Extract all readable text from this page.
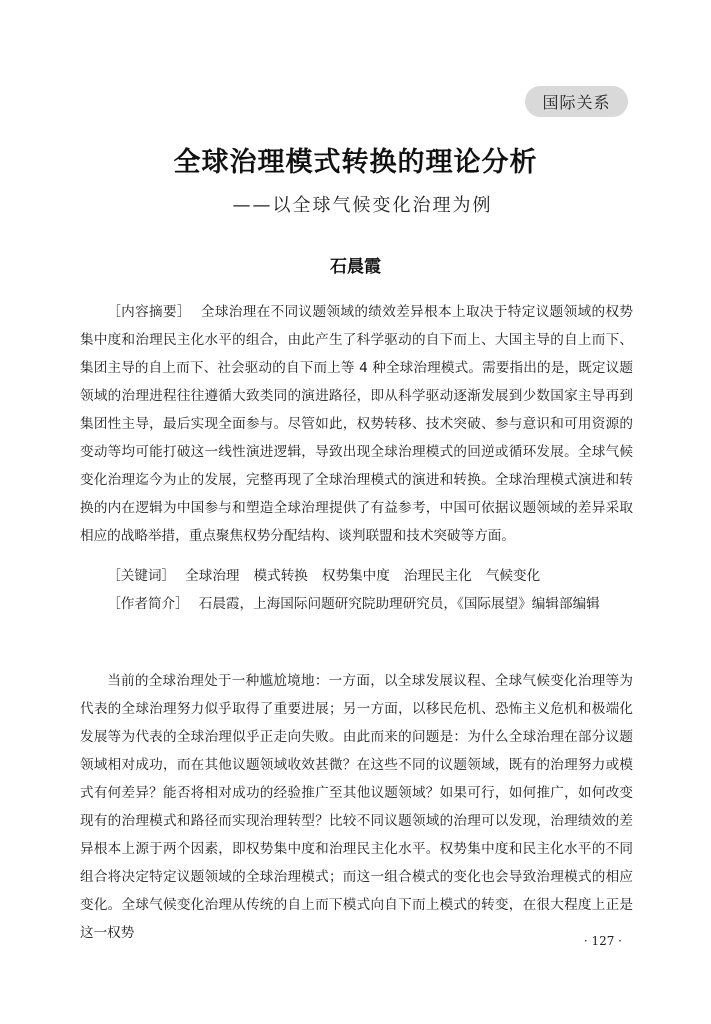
国际关系
全球治理模式转换的理论分析
——以全球气候变化治理为例
石晨霞

［内容摘要］ 全球治理在不同议题领域的绩效差异根本上取决于特定议题领域的权势集中度和治理民主化水平的组合，由此产生了科学驱动的自下而上、大国主导的自上而下、集团主导的自上而下、社会驱动的自下而上等 4 种全球治理模式。需要指出的是，既定议题领域的治理进程往往遵循大致类同的演进路径，即从科学驱动逐渐发展到少数国家主导再到集团性主导，最后实现全面参与。尽管如此，权势转移、技术突破、参与意识和可用资源的变动等均可能打破这一线性演进逻辑，导致出现全球治理模式的回逆或循环发展。全球气候变化治理迄今为止的发展，完整再现了全球治理模式的演进和转换。全球治理模式演进和转换的内在逻辑为中国参与和塑造全球治理提供了有益参考，中国可依据议题领域的差异采取相应的战略举措，重点聚焦权势分配结构、谈判联盟和技术突破等方面。

［关键词］ 全球治理 模式转换 权势集中度 治理民主化 气候变化

［作者简介］ 石晨霞，上海国际问题研究院助理研究员，《国际展望》编辑部编辑

当前的全球治理处于一种尴尬境地：一方面，以全球发展议程、全球气候变化治理等为代表的全球治理努力似乎取得了重要进展；另一方面，以移民危机、恐怖主义危机和极端化发展等为代表的全球治理似乎正走向失败。由此而来的问题是：为什么全球治理在部分议题领域相对成功，而在其他议题领域收效甚微？在这些不同的议题领域，既有的治理努力或模式有何差异？能否将相对成功的经验推广至其他议题领域？如果可行，如何推广，如何改变现有的治理模式和路径而实现治理转型？比较不同议题领域的治理可以发现，治理绩效的差异根本上源于两个因素，即权势集中度和治理民主化水平。权势集中度和民主化水平的不同组合将决定特定议题领域的全球治理模式；而这一组合模式的变化也会导致治理模式的相应变化。全球气候变化治理从传统的自上而下模式向自下而上模式的转变，在很大程度上正是这一权势	· 127 ·
